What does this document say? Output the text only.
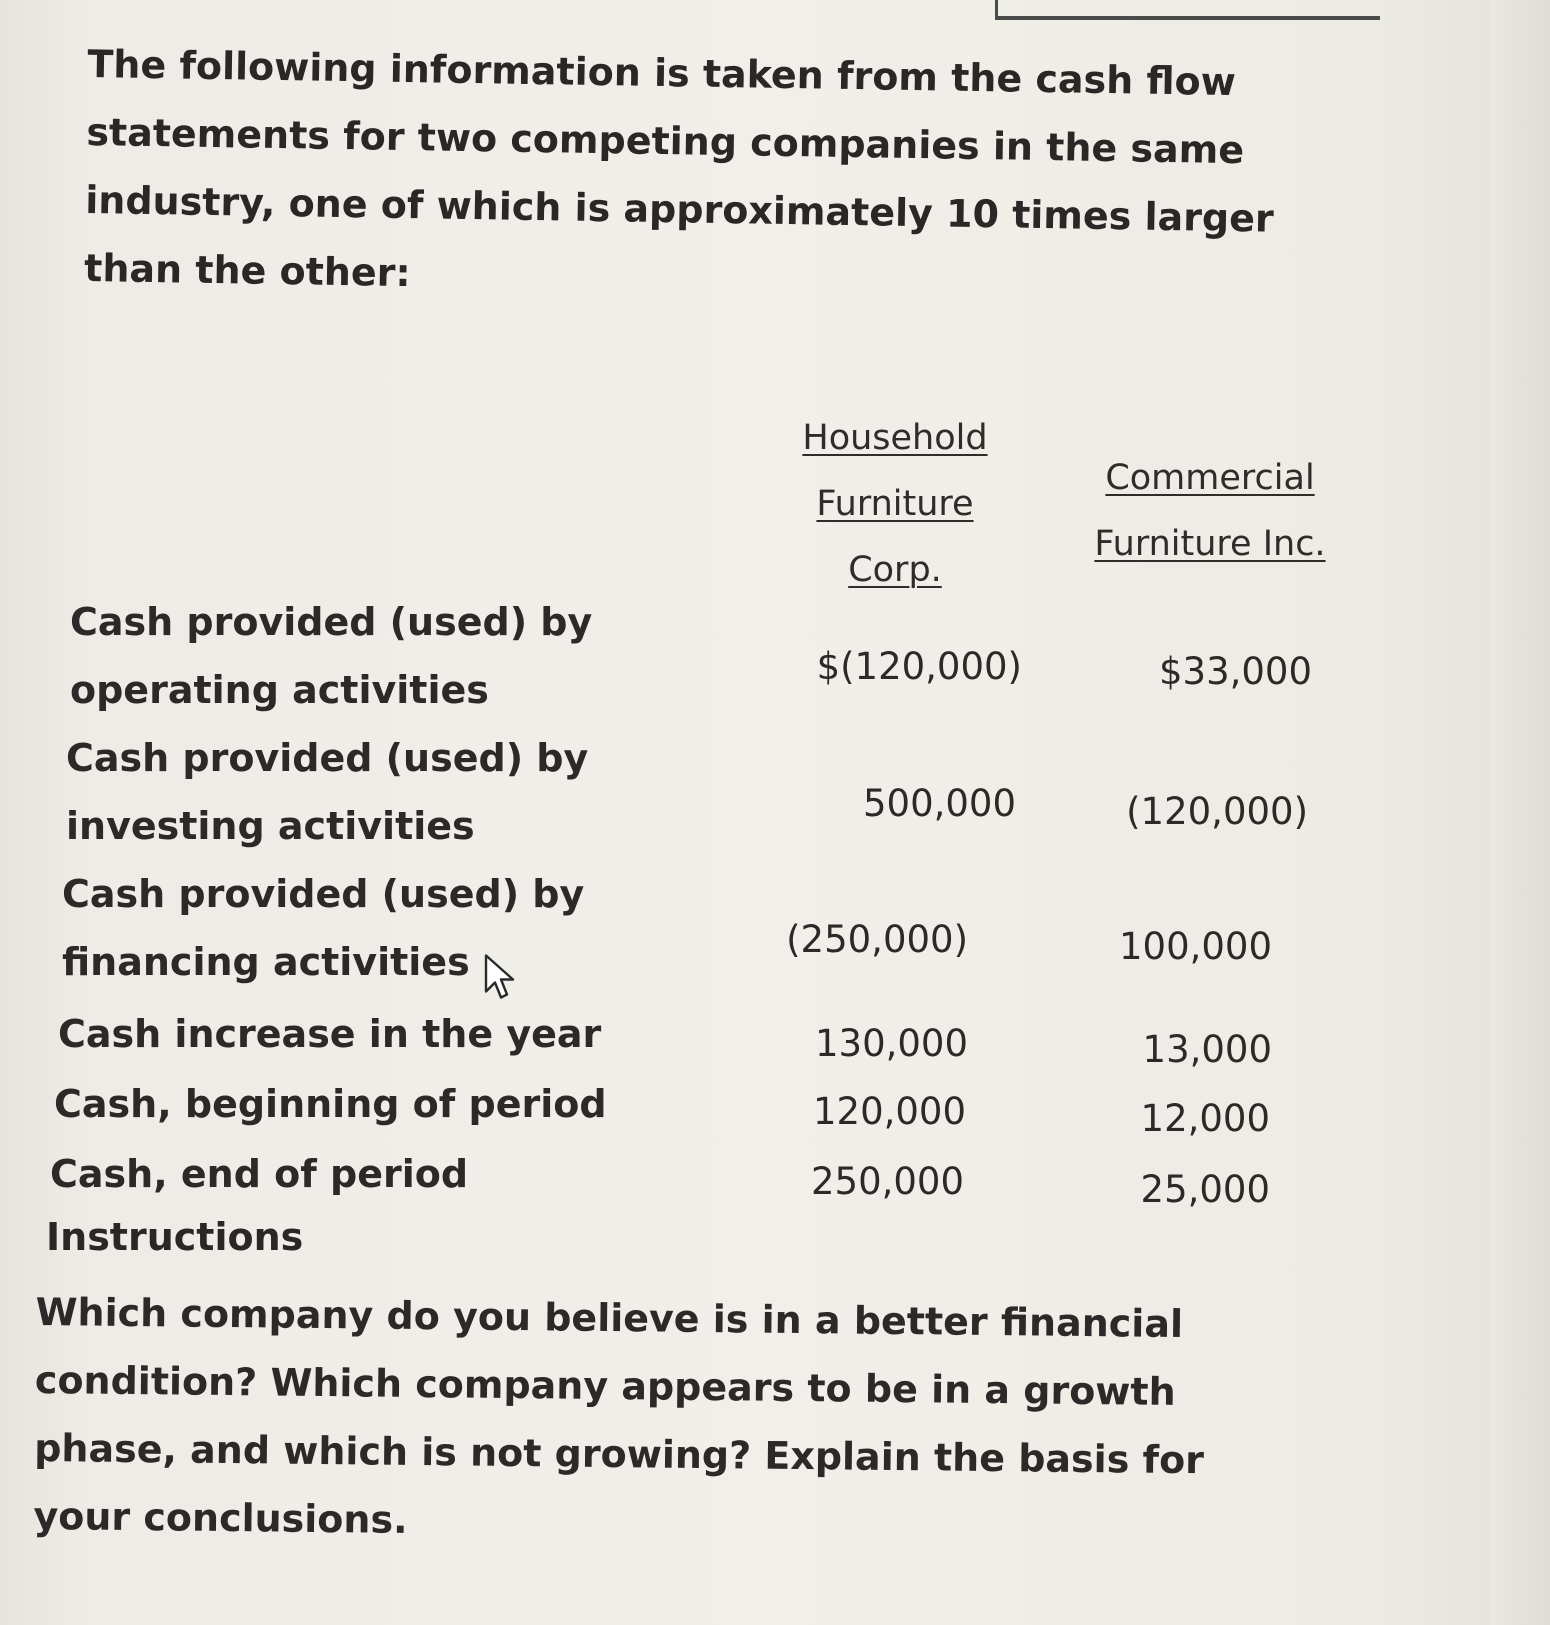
The following information is taken from the cash flow statements for two competing companies in the same industry, one of which is approximately 10 times larger than the other:
Household
Furniture
Corp.
Commercial
Furniture Inc.
Cash provided (used) by
operating activities
$(120,000)	$33,000
Cash provided (used) by
investing activities
500,000	(120,000)
Cash provided (used) by
financing activities
(250,000)	100,000
Cash increase in the year	130,000	13,000
Cash, beginning of period	120,000	12,000
Cash, end of period	250,000	25,000
Instructions
Which company do you believe is in a better financial condition? Which company appears to be in a growth phase, and which is not growing? Explain the basis for your conclusions.
